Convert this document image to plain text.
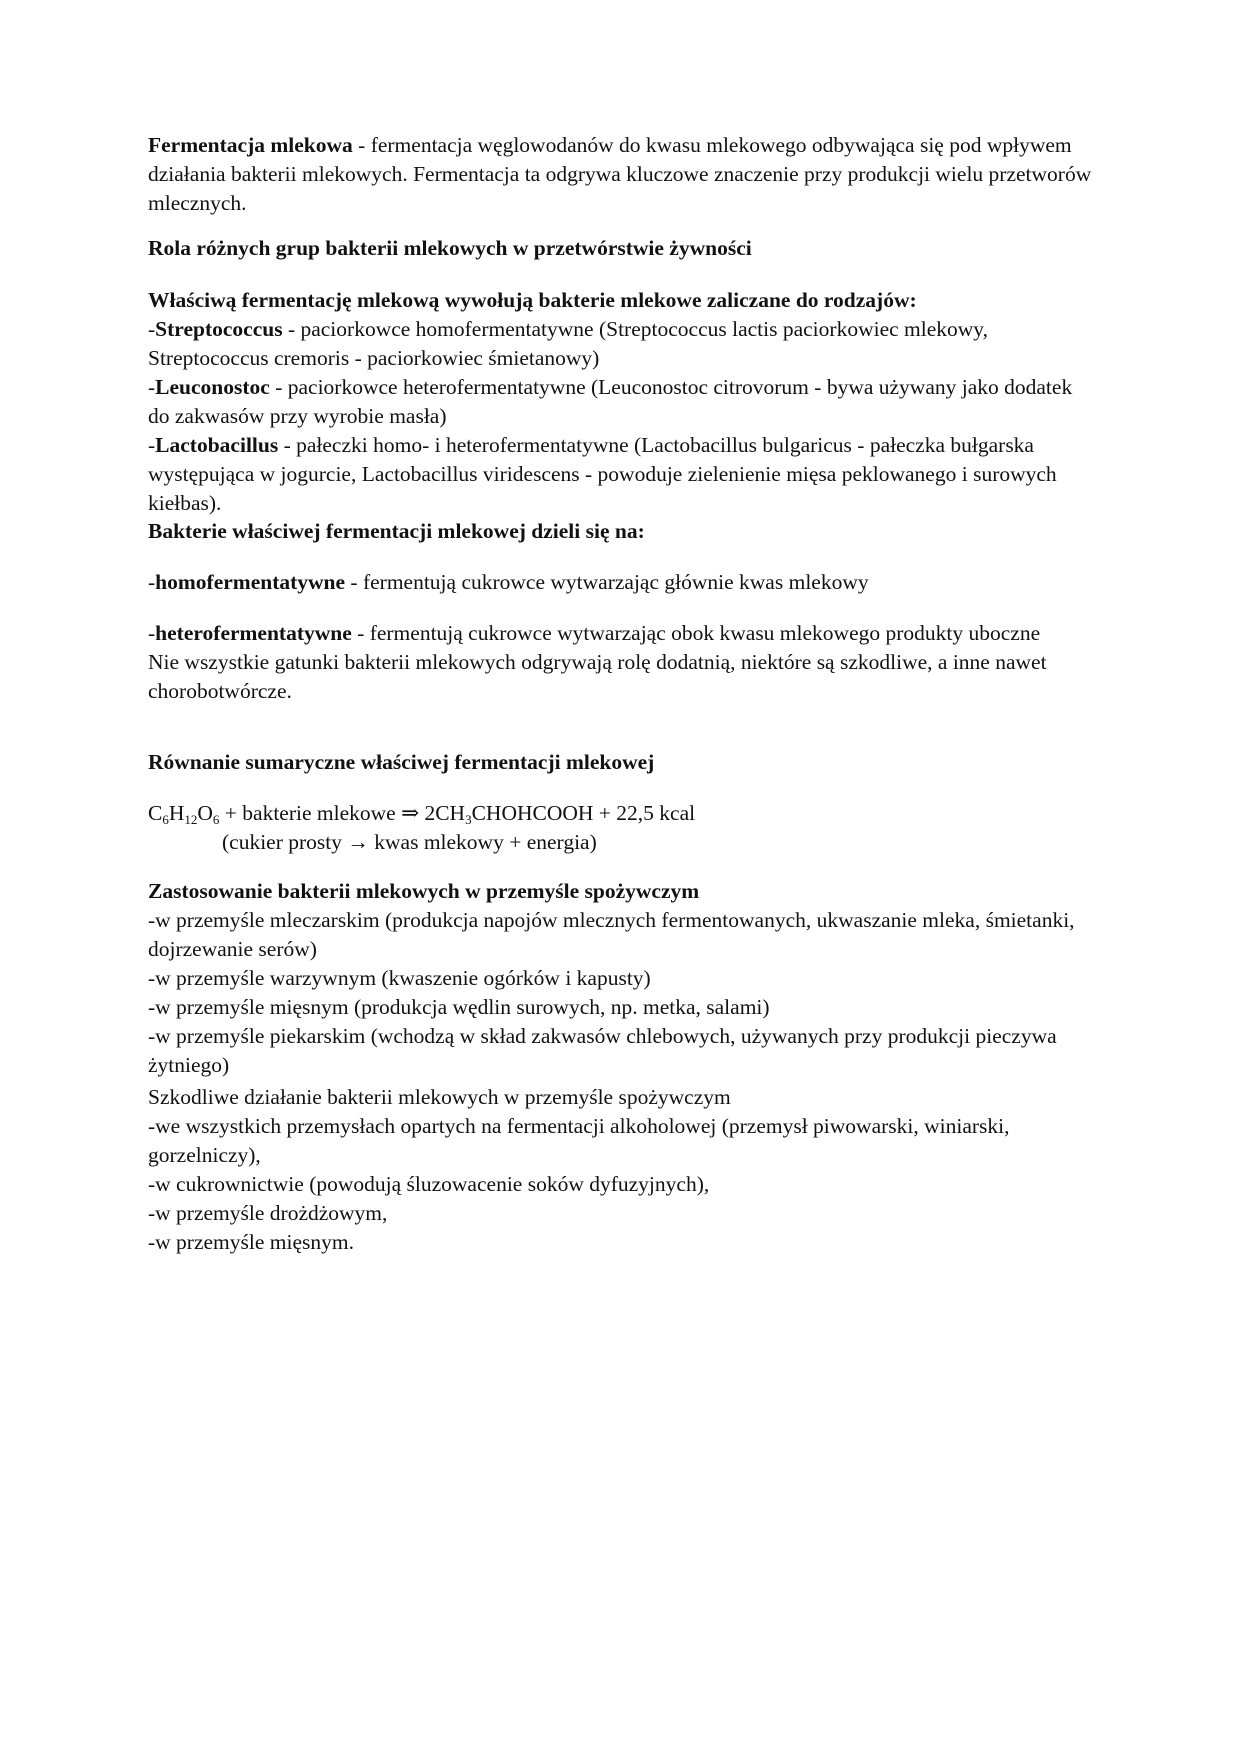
Fermentacja mlekowa - fermentacja węglowodanów do kwasu mlekowego odbywająca się pod wpływem działania bakterii mlekowych. Fermentacja ta odgrywa kluczowe znaczenie przy produkcji wielu przetworów mlecznych.

Rola różnych grup bakterii mlekowych w przetwórstwie żywności

Właściwą fermentację mlekową wywołują bakterie mlekowe zaliczane do rodzajów:

-Streptococcus - paciorkowce homofermentatywne (Streptococcus lactis paciorkowiec mlekowy, Streptococcus cremoris - paciorkowiec śmietanowy)

-Leuconostoc - paciorkowce heterofermentatywne (Leuconostoc citrovorum - bywa używany jako dodatek do zakwasów przy wyrobie masła)

-Lactobacillus - pałeczki homo- i heterofermentatywne (Lactobacillus bulgaricus - pałeczka bułgarska występująca w jogurcie, Lactobacillus viridescens - powoduje zielenienie mięsa peklowanego i surowych kiełbas).

Bakterie właściwej fermentacji mlekowej dzieli się na:

-homofermentatywne - fermentują cukrowce wytwarzając głównie kwas mlekowy

-heterofermentatywne - fermentują cukrowce wytwarzając obok kwasu mlekowego produkty uboczne

Nie wszystkie gatunki bakterii mlekowych odgrywają rolę dodatnią, niektóre są szkodliwe, a inne nawet chorobotwórcze.

Równanie sumaryczne właściwej fermentacji mlekowej

$C_6H_{12}O_6$ + bakterie mlekowe ⇒ $2CH_3CHOHCOOH + 22,5$ kcal

(cukier prosty → kwas mlekowy + energia)

Zastosowanie bakterii mlekowych w przemyśle spożywczym

-w przemyśle mleczarskim (produkcja napojów mlecznych fermentowanych, ukwaszanie mleka, śmietanki, dojrzewanie serów)

-w przemyśle warzywnym (kwaszenie ogórków i kapusty)

-w przemyśle mięsnym (produkcja wędlin surowych, np. metka, salami)

-w przemyśle piekarskim (wchodzą w skład zakwasów chlebowych, używanych przy produkcji pieczywa żytniego)

Szkodliwe działanie bakterii mlekowych w przemyśle spożywczym

-we wszystkich przemysłach opartych na fermentacji alkoholowej (przemysł piwowarski, winiarski, gorzelniczy),

-w cukrownictwie (powodują śluzowacenie soków dyfuzyjnych),

-w przemyśle drożdżowym,

-w przemyśle mięsnym.
